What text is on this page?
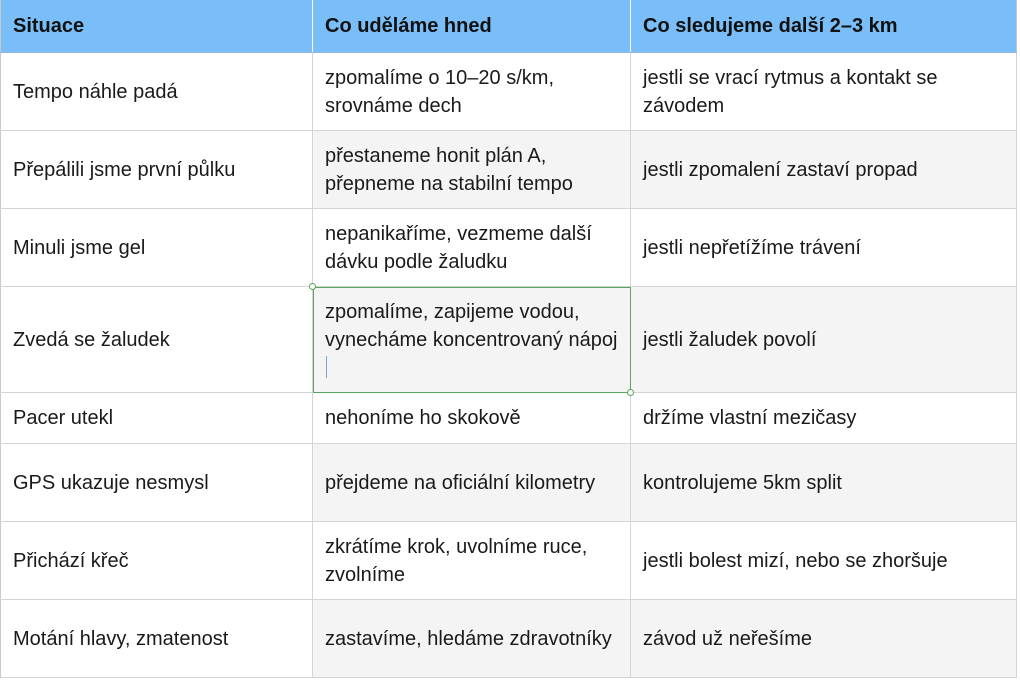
Situace	Co uděláme hned	Co sledujeme další 2–3 km
Tempo náhle padá	zpomalíme o 10–20 s/km, srovnáme dech	jestli se vrací rytmus a kontakt se závodem
Přepálili jsme první půlku	přestaneme honit plán A, přepneme na stabilní tempo	jestli zpomalení zastaví propad
Minuli jsme gel	nepanikaříme, vezmeme další dávku podle žaludku	jestli nepřetížíme trávení
Zvedá se žaludek	zpomalíme, zapijeme vodou, vynecháme koncentrovaný nápoj	jestli žaludek povolí
Pacer utekl	nehoníme ho skokově	držíme vlastní mezičasy
GPS ukazuje nesmysl	přejdeme na oficiální kilometry	kontrolujeme 5km split
Přichází křeč	zkrátíme krok, uvolníme ruce, zvolníme	jestli bolest mizí, nebo se zhoršuje
Motání hlavy, zmatenost	zastavíme, hledáme zdravotníky	závod už neřešíme
